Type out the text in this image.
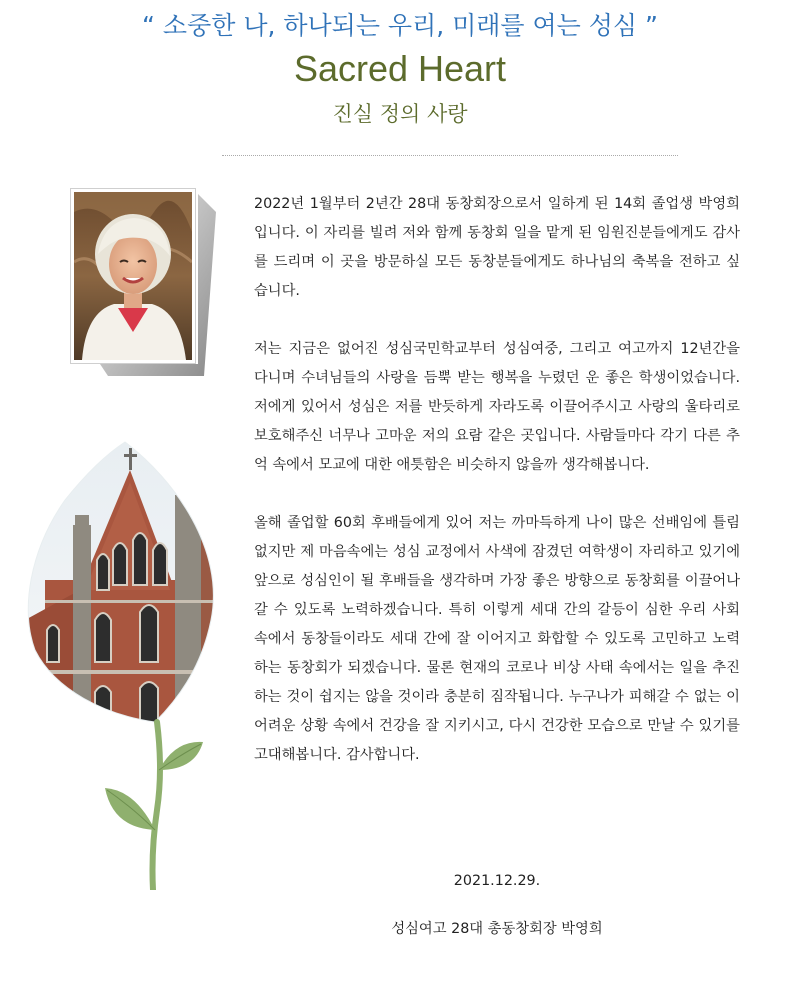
“ 소중한 나, 하나되는 우리, 미래를 여는 성심 ”
Sacred Heart
진실 정의 사랑

2022년 1월부터 2년간 28대 동창회장으로서 일하게 된 14회 졸업생 박영희입니다. 이 자리를 빌려 저와 함께 동창회 일을 맡게 된 임원진분들에게도 감사를 드리며 이 곳을 방문하실 모든 동창분들에게도 하나님의 축복을 전하고 싶습니다.

저는 지금은 없어진 성심국민학교부터 성심여중, 그리고 여고까지 12년간을 다니며 수녀님들의 사랑을 듬뿍 받는 행복을 누렸던 운 좋은 학생이었습니다. 저에게 있어서 성심은 저를 반듯하게 자라도록 이끌어주시고 사랑의 울타리로 보호해주신 너무나 고마운 저의 요람 같은 곳입니다. 사람들마다 각기 다른 추억 속에서 모교에 대한 애틋함은 비슷하지 않을까 생각해봅니다.

올해 졸업할 60회 후배들에게 있어 저는 까마득하게 나이 많은 선배임에 틀림없지만 제 마음속에는 성심 교정에서 사색에 잠겼던 여학생이 자리하고 있기에 앞으로 성심인이 될 후배들을 생각하며 가장 좋은 방향으로 동창회를 이끌어나갈 수 있도록 노력하겠습니다. 특히 이렇게 세대 간의 갈등이 심한 우리 사회 속에서 동창들이라도 세대 간에 잘 이어지고 화합할 수 있도록 고민하고 노력하는 동창회가 되겠습니다. 물론 현재의 코로나 비상 사태 속에서는 일을 추진하는 것이 쉽지는 않을 것이라 충분히 짐작됩니다. 누구나가 피해갈 수 없는 이 어려운 상황 속에서 건강을 잘 지키시고, 다시 건강한 모습으로 만날 수 있기를 고대해봅니다. 감사합니다.

2021.12.29.
성심여고 28대 총동창회장 박영희
